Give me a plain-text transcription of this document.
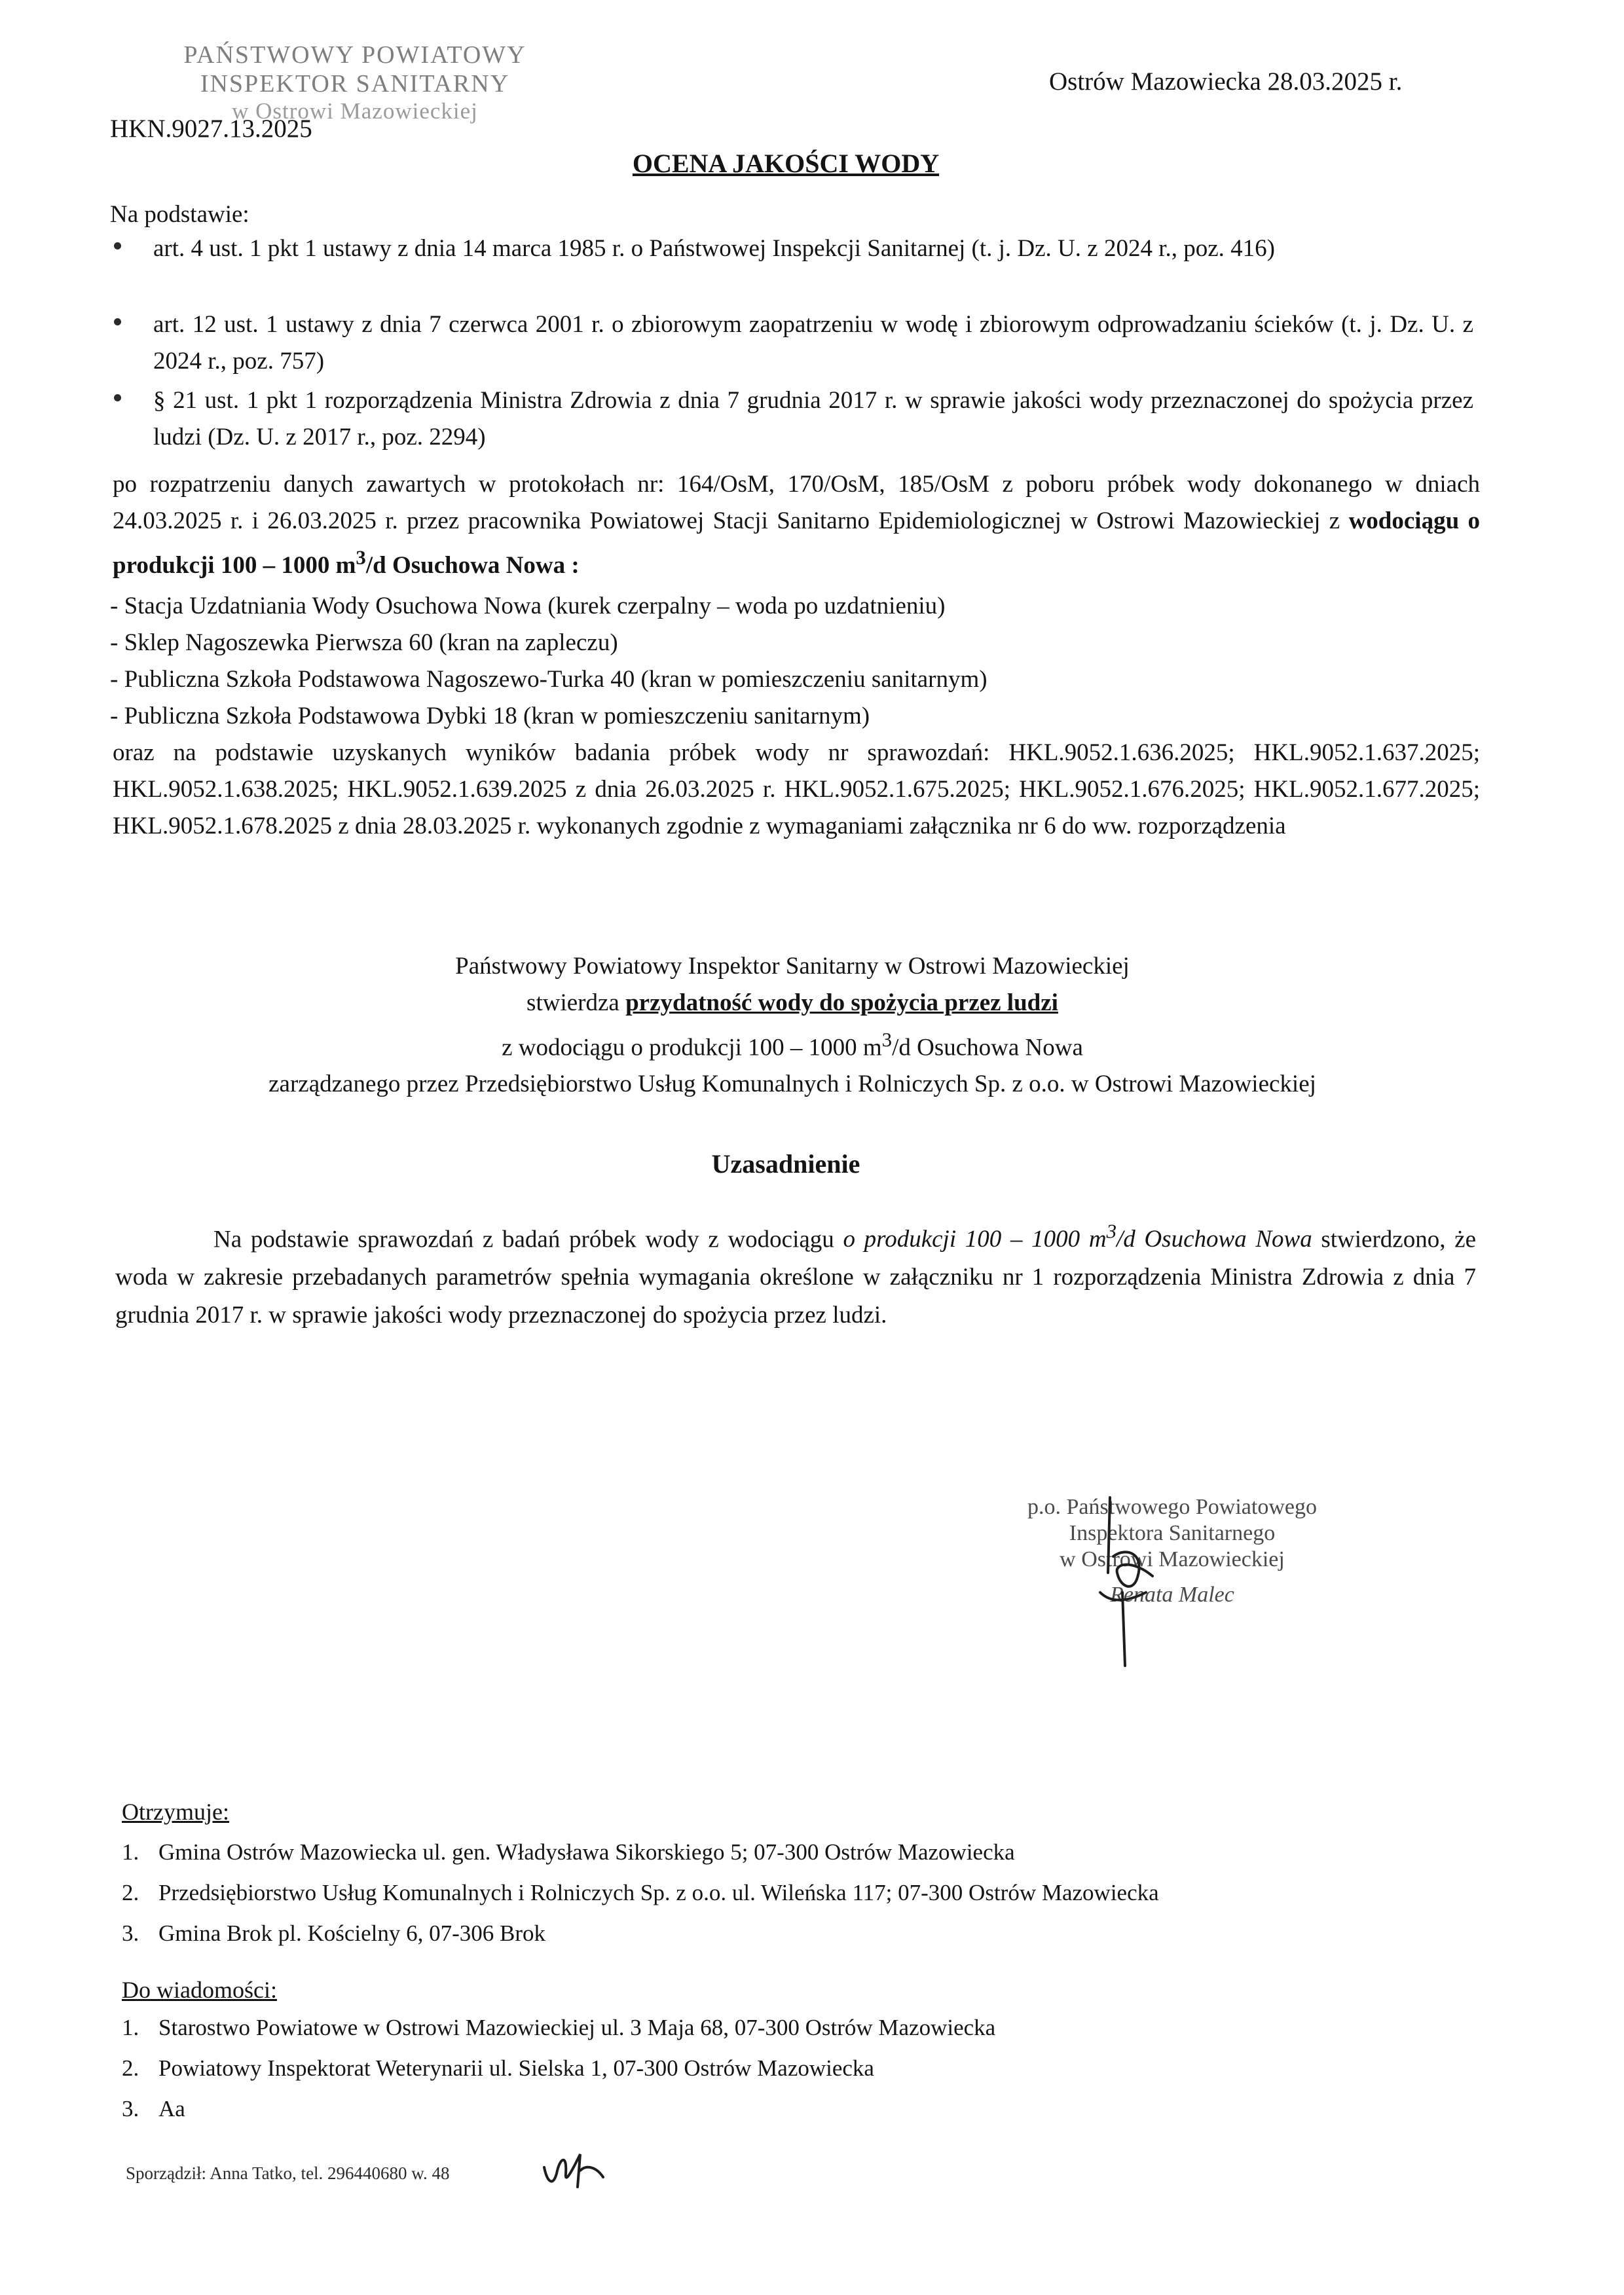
PAŃSTWOWY POWIATOWY
INSPEKTOR SANITARNY
w Ostrowi Mazowieckiej
Ostrów Mazowiecka 28.03.2025 r.
HKN.9027.13.2025
OCENA JAKOŚCI WODY
Na podstawie:
art. 4 ust. 1 pkt 1 ustawy z dnia 14 marca 1985 r. o Państwowej Inspekcji Sanitarnej (t. j. Dz. U. z 2024 r., poz. 416)
art. 12 ust. 1 ustawy z dnia 7 czerwca 2001 r. o zbiorowym zaopatrzeniu w wodę i zbiorowym odprowadzaniu ścieków (t. j. Dz. U. z 2024 r., poz. 757)
§ 21 ust. 1 pkt 1 rozporządzenia Ministra Zdrowia z dnia 7 grudnia 2017 r. w sprawie jakości wody przeznaczonej do spożycia przez ludzi (Dz. U. z 2017 r., poz. 2294)
po rozpatrzeniu danych zawartych w protokołach nr: 164/OsM, 170/OsM, 185/OsM z poboru próbek wody dokonanego w dniach 24.03.2025 r. i 26.03.2025 r. przez pracownika Powiatowej Stacji Sanitarno Epidemiologicznej w Ostrowi Mazowieckiej z wodociągu o produkcji 100 – 1000 $m^3/d$ Osuchowa Nowa :
- Stacja Uzdatniania Wody Osuchowa Nowa (kurek czerpalny – woda po uzdatnieniu)
- Sklep Nagoszewka Pierwsza 60 (kran na zapleczu)
- Publiczna Szkoła Podstawowa Nagoszewo-Turka 40 (kran w pomieszczeniu sanitarnym)
- Publiczna Szkoła Podstawowa Dybki 18 (kran w pomieszczeniu sanitarnym)
oraz na podstawie uzyskanych wyników badania próbek wody nr sprawozdań: HKL.9052.1.636.2025; HKL.9052.1.637.2025; HKL.9052.1.638.2025; HKL.9052.1.639.2025 z dnia 26.03.2025 r. HKL.9052.1.675.2025; HKL.9052.1.676.2025; HKL.9052.1.677.2025; HKL.9052.1.678.2025 z dnia 28.03.2025 r. wykonanych zgodnie z wymaganiami załącznika nr 6 do ww. rozporządzenia
Państwowy Powiatowy Inspektor Sanitarny w Ostrowi Mazowieckiej
stwierdza przydatność wody do spożycia przez ludzi
z wodociągu o produkcji 100 – 1000 $m^3/d$ Osuchowa Nowa
zarządzanego przez Przedsiębiorstwo Usług Komunalnych i Rolniczych Sp. z o.o. w Ostrowi Mazowieckiej
Uzasadnienie
Na podstawie sprawozdań z badań próbek wody z wodociągu o produkcji 100 – 1000 $m^3/d$ Osuchowa Nowa stwierdzono, że woda w zakresie przebadanych parametrów spełnia wymagania określone w załączniku nr 1 rozporządzenia Ministra Zdrowia z dnia 7 grudnia 2017 r. w sprawie jakości wody przeznaczonej do spożycia przez ludzi.
p.o. Państwowego Powiatowego
Inspektora Sanitarnego
w Ostrowi Mazowieckiej
Renata Malec
Otrzymuje:
1. Gmina Ostrów Mazowiecka ul. gen. Władysława Sikorskiego 5; 07-300 Ostrów Mazowiecka
2. Przedsiębiorstwo Usług Komunalnych i Rolniczych Sp. z o.o. ul. Wileńska 117; 07-300 Ostrów Mazowiecka
3. Gmina Brok pl. Kościelny 6, 07-306 Brok
Do wiadomości:
1. Starostwo Powiatowe w Ostrowi Mazowieckiej ul. 3 Maja 68, 07-300 Ostrów Mazowiecka
2. Powiatowy Inspektorat Weterynarii ul. Sielska 1, 07-300 Ostrów Mazowiecka
3. Aa
Sporządził: Anna Tatko, tel. 296440680 w. 48
